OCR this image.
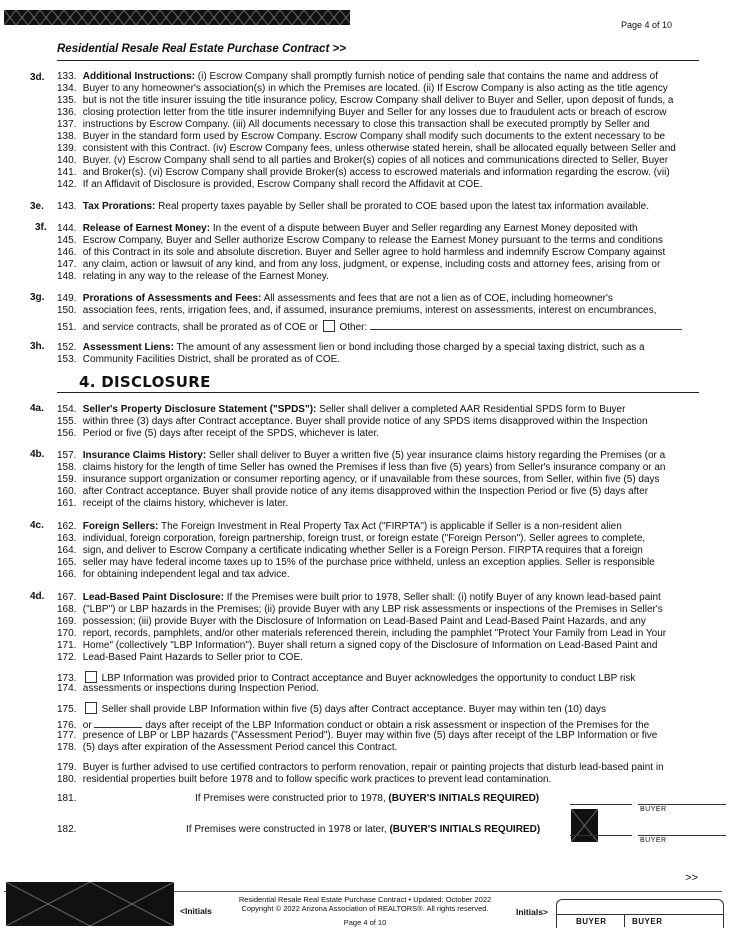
Page 4 of 10
Residential Resale Real Estate Purchase Contract >>
3d. 133. Additional Instructions: (i) Escrow Company shall promptly furnish notice of pending sale that contains the name and address of
134. Buyer to any homeowner's association(s) in which the Premises are located. (ii) If Escrow Company is also acting as the title agency
135. but is not the title insurer issuing the title insurance policy, Escrow Company shall deliver to Buyer and Seller, upon deposit of funds, a
136. closing protection letter from the title insurer indemnifying Buyer and Seller for any losses due to fraudulent acts or breach of escrow
137. instructions by Escrow Company. (iii) All documents necessary to close this transaction shall be executed promptly by Seller and
138. Buyer in the standard form used by Escrow Company. Escrow Company shall modify such documents to the extent necessary to be
139. consistent with this Contract. (iv) Escrow Company fees, unless otherwise stated herein, shall be allocated equally between Seller and
140. Buyer. (v) Escrow Company shall send to all parties and Broker(s) copies of all notices and communications directed to Seller, Buyer
141. and Broker(s). (vi) Escrow Company shall provide Broker(s) access to escrowed materials and information regarding the escrow. (vii)
142. If an Affidavit of Disclosure is provided, Escrow Company shall record the Affidavit at COE.
3e. 143. Tax Prorations: Real property taxes payable by Seller shall be prorated to COE based upon the latest tax information available.
3f. 144. Release of Earnest Money: In the event of a dispute between Buyer and Seller regarding any Earnest Money deposited with
145. Escrow Company, Buyer and Seller authorize Escrow Company to release the Earnest Money pursuant to the terms and conditions
146. of this Contract in its sole and absolute discretion. Buyer and Seller agree to hold harmless and indemnify Escrow Company against
147. any claim, action or lawsuit of any kind, and from any loss, judgment, or expense, including costs and attorney fees, arising from or
148. relating in any way to the release of the Earnest Money.
3g. 149. Prorations of Assessments and Fees: All assessments and fees that are not a lien as of COE, including homeowner's
150. association fees, rents, irrigation fees, and, if assumed, insurance premiums, interest on assessments, interest on encumbrances,
151. and service contracts, shall be prorated as of COE or Other:
3h. 152. Assessment Liens: The amount of any assessment lien or bond including those charged by a special taxing district, such as a
153. Community Facilities District, shall be prorated as of COE.
4. DISCLOSURE
4a. 154. Seller's Property Disclosure Statement ("SPDS"): Seller shall deliver a completed AAR Residential SPDS form to Buyer
155. within three (3) days after Contract acceptance. Buyer shall provide notice of any SPDS items disapproved within the Inspection
156. Period or five (5) days after receipt of the SPDS, whichever is later.
4b. 157. Insurance Claims History: Seller shall deliver to Buyer a written five (5) year insurance claims history regarding the Premises (or a
158. claims history for the length of time Seller has owned the Premises if less than five (5) years) from Seller's insurance company or an
159. insurance support organization or consumer reporting agency, or if unavailable from these sources, from Seller, within five (5) days
160. after Contract acceptance. Buyer shall provide notice of any items disapproved within the Inspection Period or five (5) days after
161. receipt of the claims history, whichever is later.
4c. 162. Foreign Sellers: The Foreign Investment in Real Property Tax Act ("FIRPTA") is applicable if Seller is a non-resident alien
163. individual, foreign corporation, foreign partnership, foreign trust, or foreign estate ("Foreign Person"). Seller agrees to complete,
164. sign, and deliver to Escrow Company a certificate indicating whether Seller is a Foreign Person. FIRPTA requires that a foreign
165. seller may have federal income taxes up to 15% of the purchase price withheld, unless an exception applies. Seller is responsible
166. for obtaining independent legal and tax advice.
4d. 167. Lead-Based Paint Disclosure: If the Premises were built prior to 1978, Seller shall: (i) notify Buyer of any known lead-based paint
168. ("LBP") or LBP hazards in the Premises; (ii) provide Buyer with any LBP risk assessments or inspections of the Premises in Seller's
169. possession; (iii) provide Buyer with the Disclosure of Information on Lead-Based Paint and Lead-Based Paint Hazards, and any
170. report, records, pamphlets, and/or other materials referenced therein, including the pamphlet "Protect Your Family from Lead in Your
171. Home" (collectively "LBP Information"). Buyer shall return a signed copy of the Disclosure of Information on Lead-Based Paint and
172. Lead-Based Paint Hazards to Seller prior to COE.
173.	LBP Information was provided prior to Contract acceptance and Buyer acknowledges the opportunity to conduct LBP risk
174. assessments or inspections during Inspection Period.
175.	Seller shall provide LBP Information within five (5) days after Contract acceptance. Buyer may within ten (10) days
176. or	days after receipt of the LBP Information conduct or obtain a risk assessment or inspection of the Premises for the
177. presence of LBP or LBP hazards ("Assessment Period"). Buyer may within five (5) days after receipt of the LBP Information or five
178. (5) days after expiration of the Assessment Period cancel this Contract.
179. Buyer is further advised to use certified contractors to perform renovation, repair or painting projects that disturb lead-based paint in
180. residential properties built before 1978 and to follow specific work practices to prevent lead contamination.
181.	If Premises were constructed prior to 1978, (BUYER'S INITIALS REQUIRED)
BUYER
182.	If Premises were constructed in 1978 or later, (BUYER'S INITIALS REQUIRED)
BUYER
>>
<Initials
Residential Resale Real Estate Purchase Contract • Updated: October 2022
Copyright © 2022 Arizona Association of REALTORS®. All rights reserved.
Page 4 of 10
Initials>
BUYER	BUYER
